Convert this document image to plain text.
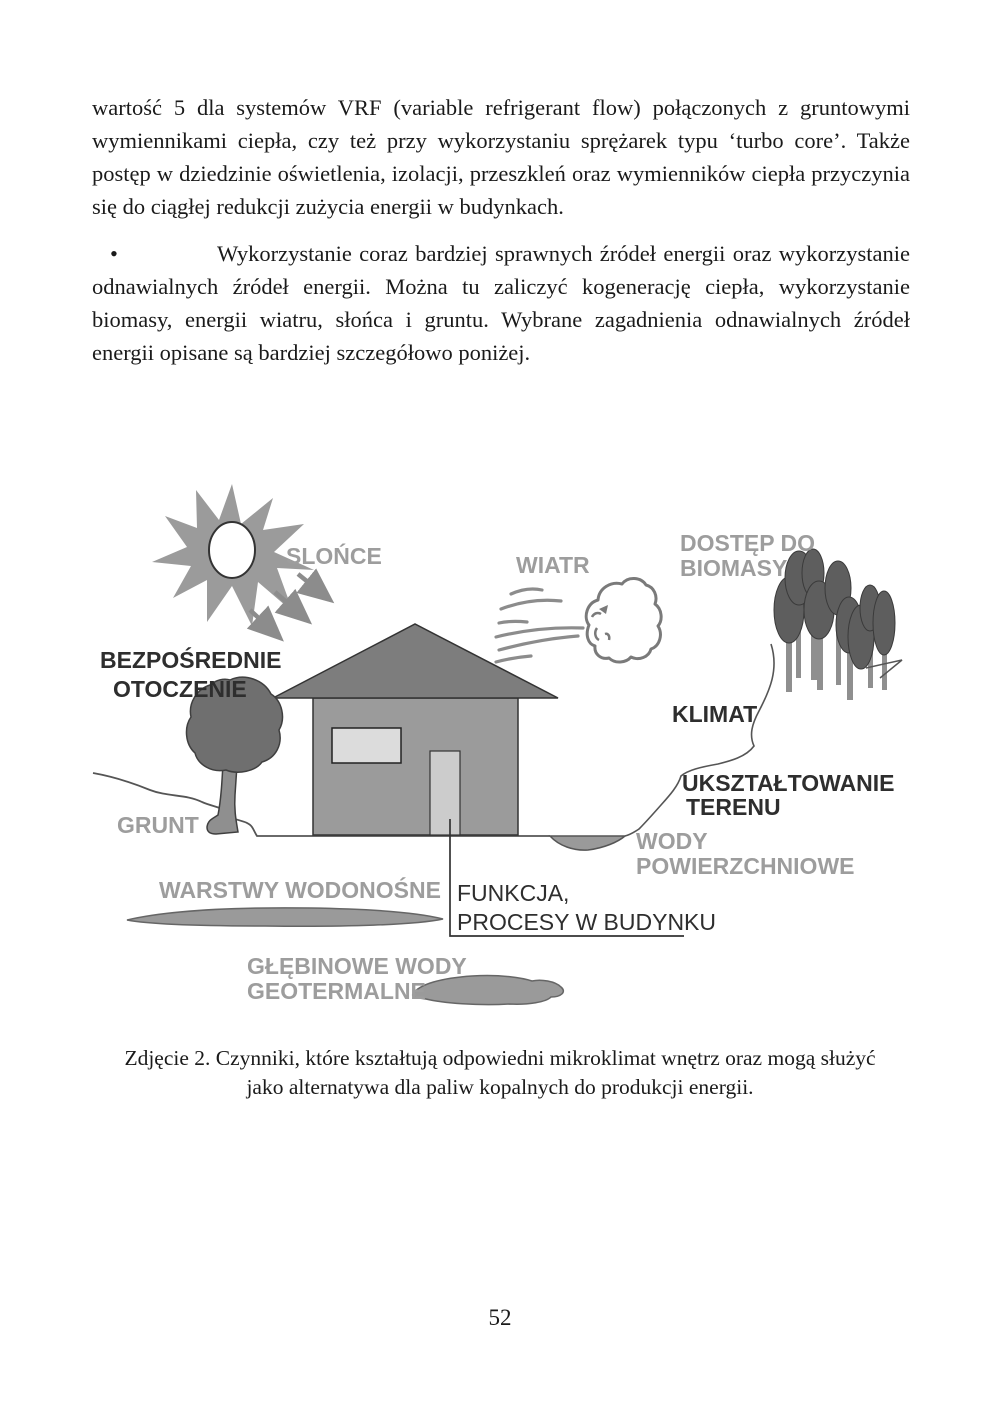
wartość 5 dla systemów VRF (variable refrigerant flow) połączonych z gruntowymi wymiennikami ciepła, czy też przy wykorzystaniu sprężarek typu ‘turbo core’. Także postęp w dziedzinie oświetlenia, izolacji, przeszkleń oraz wymienników ciepła przyczynia się do ciągłej redukcji zużycia energii w budynkach.

•	Wykorzystanie coraz bardziej sprawnych źródeł energii oraz wykorzystanie odnawialnych źródeł energii. Można tu zaliczyć kogenerację ciepła, wykorzystanie biomasy, energii wiatru, słońca i gruntu. Wybrane zagadnienia odnawialnych źródeł energii opisane są bardziej szczegółowo poniżej.

SLOŃCE
BEZPOŚREDNIE
OTOCZENIE
WIATR
DOSTĘP DO
BIOMASY
KLIMAT
UKSZTAŁTOWANIE
TERENU
WODY
POWIERZCHNIOWE
GRUNT
WARSTWY WODONOŚNE FUNKCJA,
PROCESY W BUDYNKU
GŁĘBINOWE WODY
GEOTERMALNE
Zdjęcie 2. Czynniki, które kształtują odpowiedni mikroklimat wnętrz oraz mogą służyć
jako alternatywa dla paliw kopalnych do produkcji energii.
52
